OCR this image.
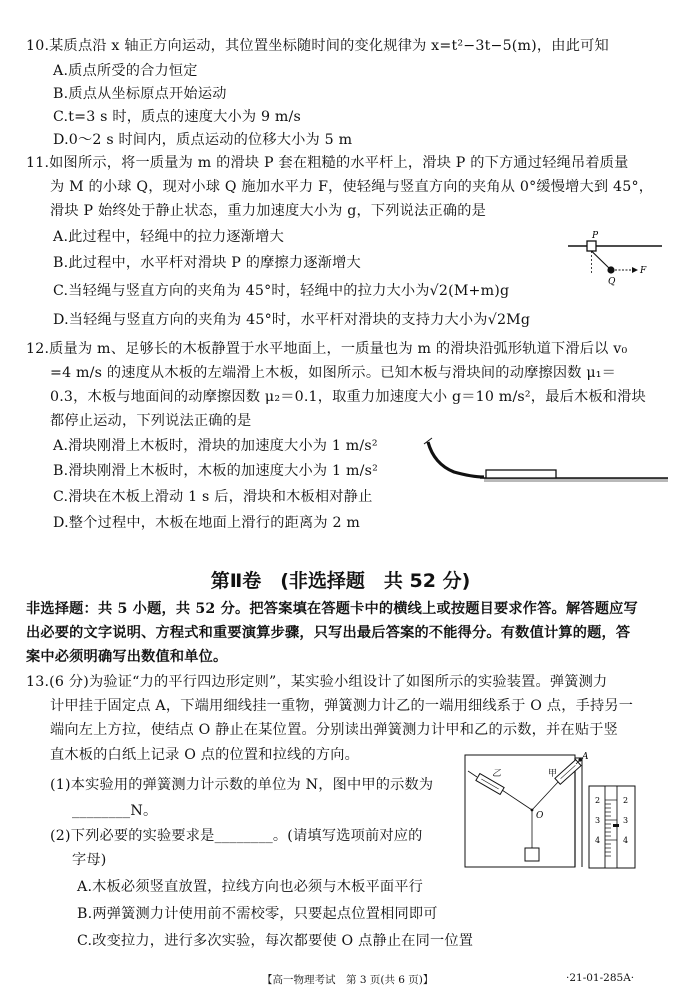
10.某质点沿 x 轴正方向运动，其位置坐标随时间的变化规律为 x=t²−3t−5(m)，由此可知
A.质点所受的合力恒定
B.质点从坐标原点开始运动
C.t=3 s 时，质点的速度大小为 9 m/s
D.0～2 s 时间内，质点运动的位移大小为 5 m
11.如图所示，将一质量为 m 的滑块 P 套在粗糙的水平杆上，滑块 P 的下方通过轻绳吊着质量
为 M 的小球 Q，现对小球 Q 施加水平力 F，使轻绳与竖直方向的夹角从 0°缓慢增大到 45°，
滑块 P 始终处于静止状态，重力加速度大小为 g，下列说法正确的是
A.此过程中，轻绳中的拉力逐渐增大
B.此过程中，水平杆对滑块 P 的摩擦力逐渐增大
C.当轻绳与竖直方向的夹角为 45°时，轻绳中的拉力大小为√2(M+m)g
D.当轻绳与竖直方向的夹角为 45°时，水平杆对滑块的支持力大小为√2Mg
P
F
Q
12.质量为 m、足够长的木板静置于水平地面上，一质量也为 m 的滑块沿弧形轨道下滑后以 v₀
=4 m/s 的速度从木板的左端滑上木板，如图所示。已知木板与滑块间的动摩擦因数 μ₁＝
0.3，木板与地面间的动摩擦因数 μ₂＝0.1，取重力加速度大小 g＝10 m/s²，最后木板和滑块
都停止运动，下列说法正确的是
A.滑块刚滑上木板时，滑块的加速度大小为 1 m/s²
B.滑块刚滑上木板时，木板的加速度大小为 1 m/s²
C.滑块在木板上滑动 1 s 后，滑块和木板相对静止
D.整个过程中，木板在地面上滑行的距离为 2 m
第Ⅱ卷　(非选择题　共 52 分)
非选择题：共 5 小题，共 52 分。把答案填在答题卡中的横线上或按题目要求作答。解答题应写
出必要的文字说明、方程式和重要演算步骤，只写出最后答案的不能得分。有数值计算的题，答
案中必须明确写出数值和单位。
13.(6 分)为验证“力的平行四边形定则”，某实验小组设计了如图所示的实验装置。弹簧测力
计甲挂于固定点 A，下端用细线挂一重物，弹簧测力计乙的一端用细线系于 O 点，手持另一
端向左上方拉，使结点 O 静止在某位置。分别读出弹簧测力计甲和乙的示数，并在贴于竖
直木板的白纸上记录 O 点的位置和拉线的方向。
(1)本实验用的弹簧测力计示数的单位为 N，图中甲的示数为
________N。
(2)下列必要的实验要求是________。(请填写选项前对应的
字母)
A.木板必须竖直放置，拉线方向也必须与木板平面平行
B.两弹簧测力计使用前不需校零，只要起点位置相同即可
C.改变拉力，进行多次实验，每次都要使 O 点静止在同一位置
A
甲
乙
O
2
3
4
2
3
4
【高一物理考试　第 3 页(共 6 页)】	·21-01-285A·
